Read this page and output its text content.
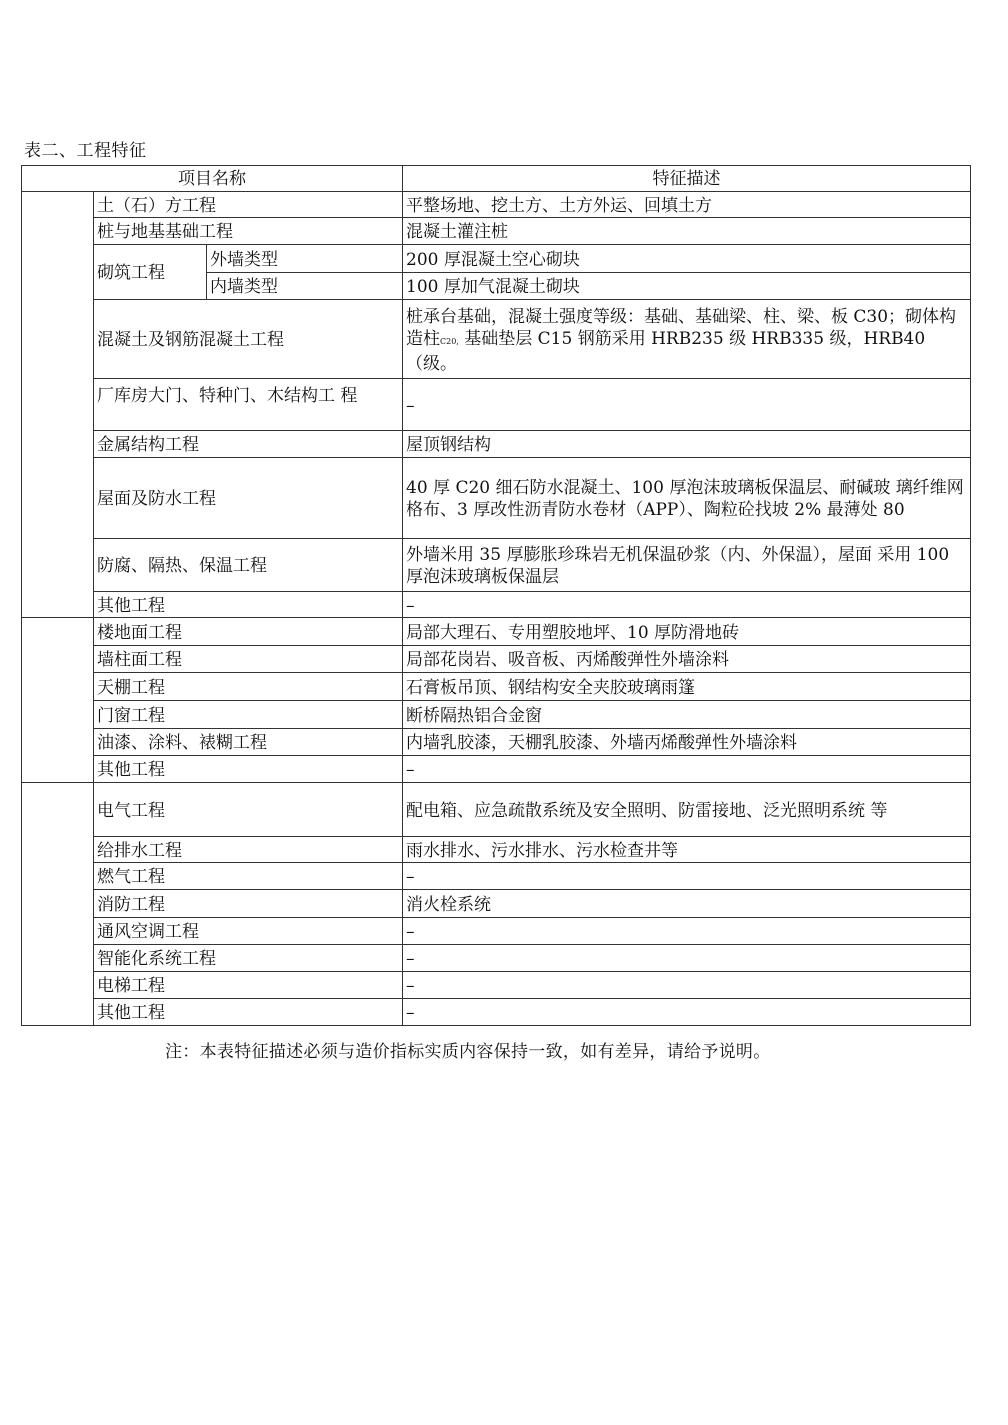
表二、工程特征
项目名称			特征描述
	土（石）方工程		平整场地、挖土方、土方外运、回填土方
	桩与地基基础工程		混凝土灌注桩
	砌筑工程	外墙类型	200 厚混凝土空心砌块
		内墙类型	100 厚加气混凝土砌块
	混凝土及钢筋混凝土工程		桩承台基础，混凝土强度等级：基础、基础梁、柱、梁、板 C30；砌体构造柱C20, 基础垫层 C15 钢筋采用 HRB235 级 HRB335 级，HRB40（级。
	厂库房大门、特种门、木结构工 程		–
	金属结构工程		屋顶钢结构
	屋面及防水工程		40 厚 C20 细石防水混凝土、100 厚泡沫玻璃板保温层、耐碱玻 璃纤维网格布、3 厚改性沥青防水卷材（APP）、陶粒砼找坡 2% 最薄处 80
	防腐、隔热、保温工程		外墙米用 35 厚膨胀珍珠岩无机保温砂浆（内、外保温），屋面 采用 100 厚泡沫玻璃板保温层
	其他工程		–
	楼地面工程		局部大理石、专用塑胶地坪、10 厚防滑地砖
	墙柱面工程		局部花岗岩、吸音板、丙烯酸弹性外墙涂料
	天棚工程		石膏板吊顶、钢结构安全夹胶玻璃雨篷
	门窗工程		断桥隔热铝合金窗
	油漆、涂料、裱糊工程		内墙乳胶漆，天棚乳胶漆、外墙丙烯酸弹性外墙涂料
	其他工程		–
	电气工程		配电箱、应急疏散系统及安全照明、防雷接地、泛光照明系统 等
	给排水工程		雨水排水、污水排水、污水检查井等
	燃气工程		–
	消防工程		消火栓系统
	通风空调工程		–
	智能化系统工程		–
	电梯工程		–
	其他工程		–
注：本表特征描述必须与造价指标实质内容保持一致，如有差异，请给予说明。
